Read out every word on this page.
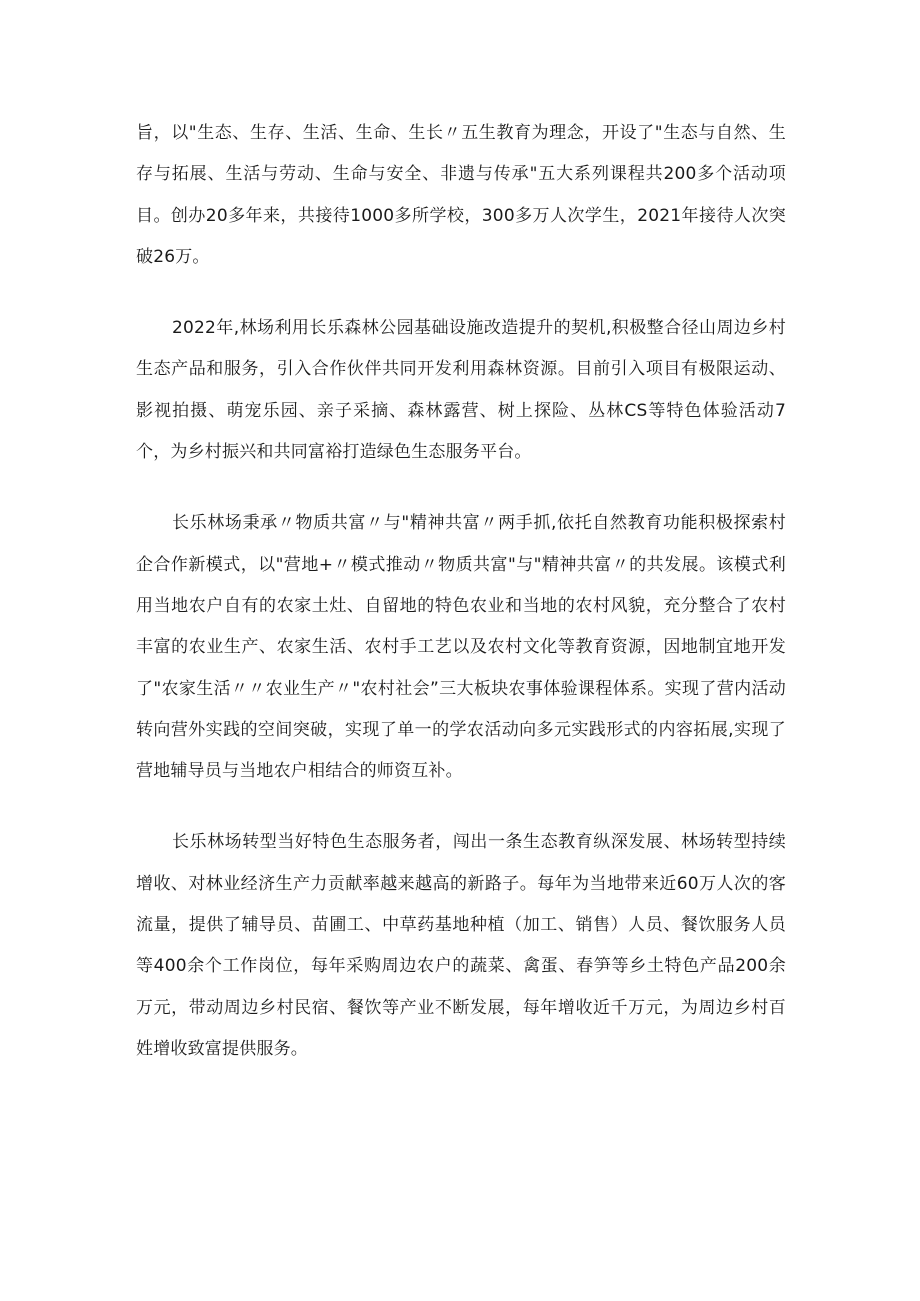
旨，以"生态、生存、生活、生命、生长〃五生教育为理念，开设了"生态与自然、生存与拓展、生活与劳动、生命与安全、非遗与传承"五大系列课程共200多个活动项目。创办20多年来，共接待1000多所学校，300多万人次学生，2021年接待人次突破26万。

2022年,林场利用长乐森林公园基础设施改造提升的契机,积极整合径山周边乡村生态产品和服务，引入合作伙伴共同开发利用森林资源。目前引入项目有极限运动、影视拍摄、萌宠乐园、亲子采摘、森林露营、树上探险、丛林CS等特色体验活动7个，为乡村振兴和共同富裕打造绿色生态服务平台。

长乐林场秉承〃物质共富〃与"精神共富〃两手抓,依托自然教育功能积极探索村企合作新模式，以"营地+〃模式推动〃物质共富"与"精神共富〃的共发展。该模式利用当地农户自有的农家土灶、自留地的特色农业和当地的农村风貌，充分整合了农村丰富的农业生产、农家生活、农村手工艺以及农村文化等教育资源，因地制宜地开发了"农家生活〃〃农业生产〃"农村社会”三大板块农事体验课程体系。实现了营内活动转向营外实践的空间突破，实现了单一的学农活动向多元实践形式的内容拓展,实现了营地辅导员与当地农户相结合的师资互补。

长乐林场转型当好特色生态服务者，闯出一条生态教育纵深发展、林场转型持续增收、对林业经济生产力贡献率越来越高的新路子。每年为当地带来近60万人次的客流量，提供了辅导员、苗圃工、中草药基地种植（加工、销售）人员、餐饮服务人员等400余个工作岗位，每年采购周边农户的蔬菜、禽蛋、春笋等乡土特色产品200余万元，带动周边乡村民宿、餐饮等产业不断发展，每年增收近千万元，为周边乡村百姓增收致富提供服务。
